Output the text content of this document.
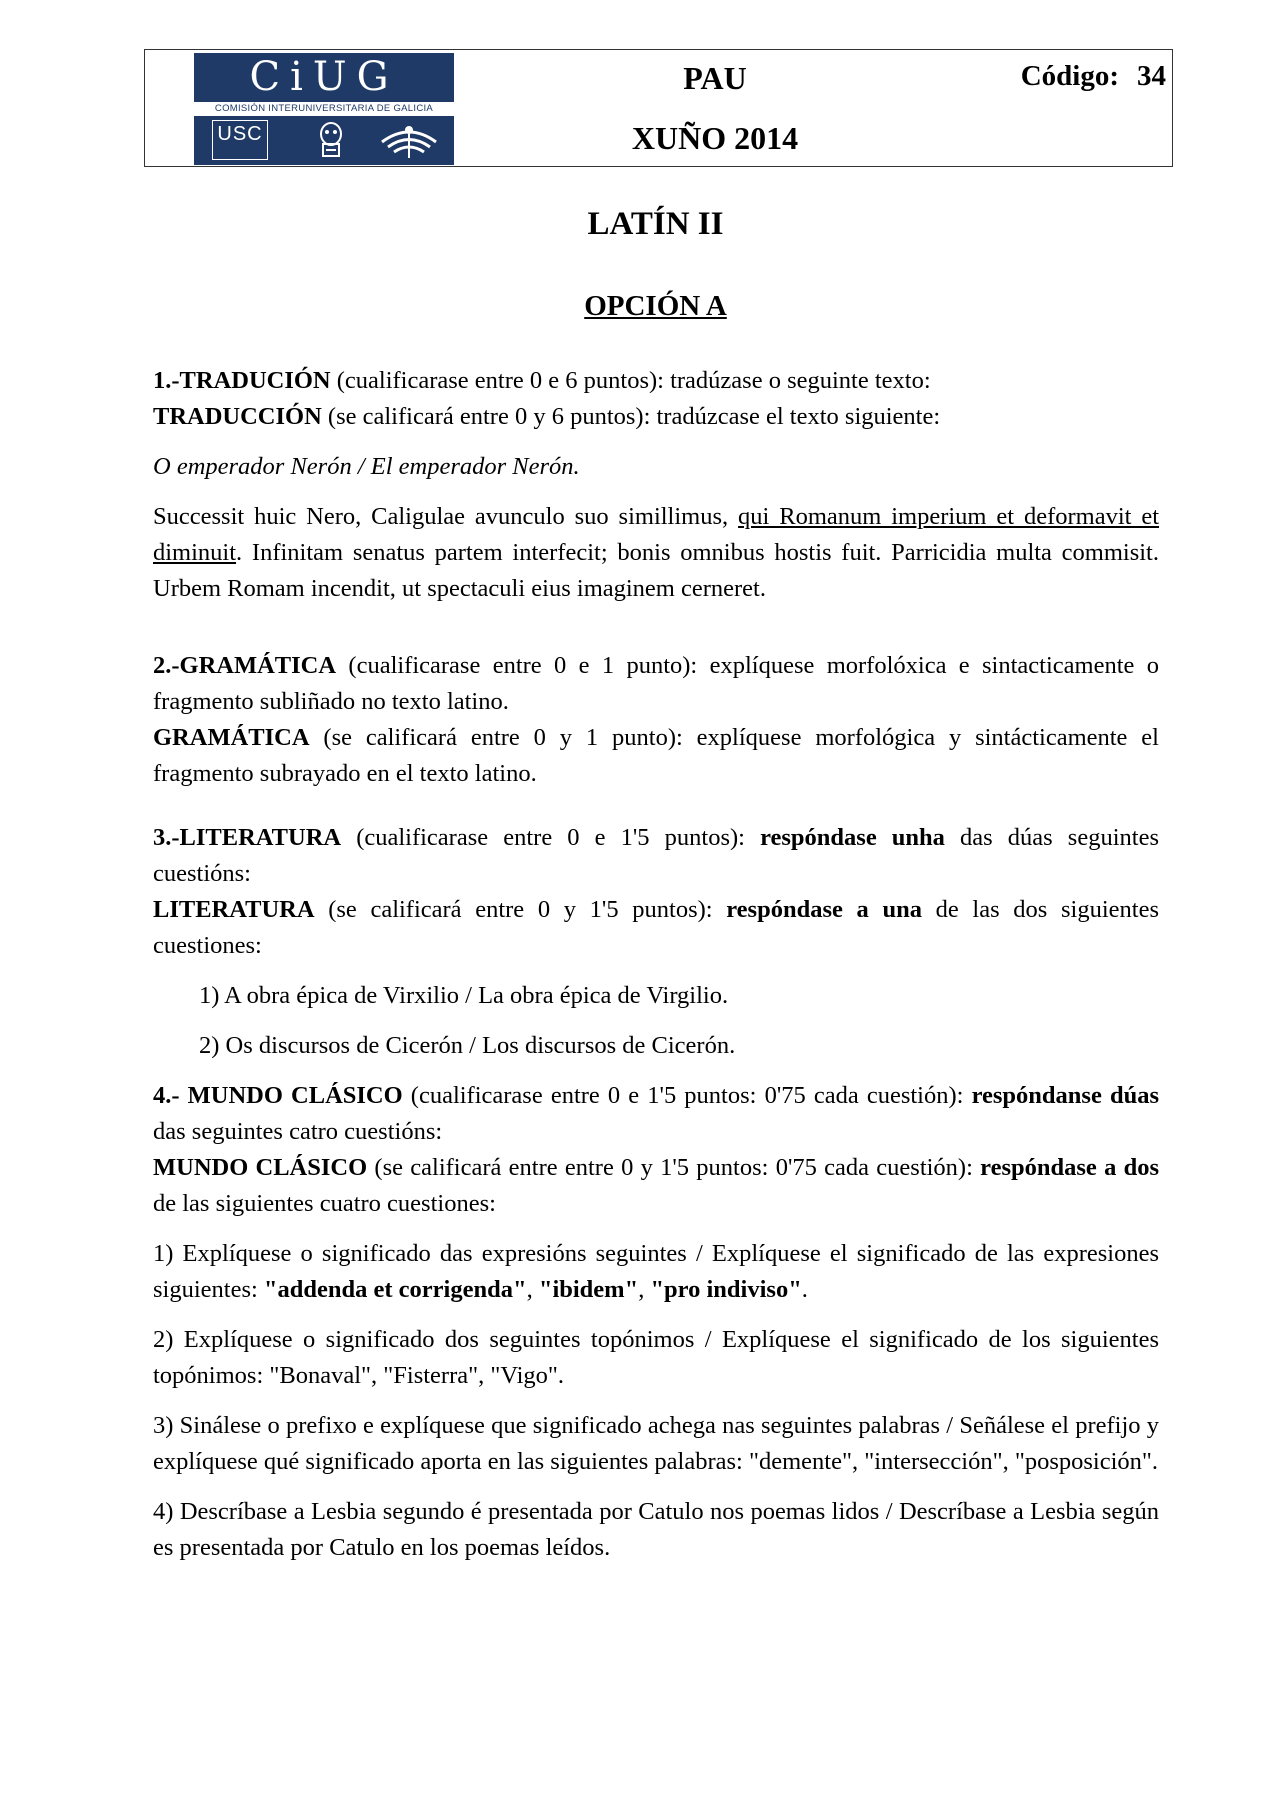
CiUG
COMISIÓN INTERUNIVERSITARIA DE GALICIA
USC
PAU
XUÑO 2014
Código: 34
LATÍN II
OPCIÓN A

1.-TRADUCIÓN (cualificarase entre 0 e 6 puntos): tradúzase o seguinte texto:

TRADUCCIÓN (se calificará entre 0 y 6 puntos): tradúzcase el texto siguiente:

O emperador Nerón / El emperador Nerón.

Successit huic Nero, Caligulae avunculo suo simillimus, qui Romanum imperium et deformavit et diminuit. Infinitam senatus partem interfecit; bonis omnibus hostis fuit. Parricidia multa commisit. Urbem Romam incendit, ut spectaculi eius imaginem cerneret.

2.-GRAMÁTICA (cualificarase entre 0 e 1 punto): explíquese morfolóxica e sintacticamente o fragmento subliñado no texto latino.

GRAMÁTICA (se calificará entre 0 y 1 punto): explíquese morfológica y sintácticamente el fragmento subrayado en el texto latino.

3.-LITERATURA (cualificarase entre 0 e 1'5 puntos): respóndase unha das dúas seguintes cuestións:

LITERATURA (se calificará entre 0 y 1'5 puntos): respóndase a una de las dos siguientes cuestiones:

1) A obra épica de Virxilio / La obra épica de Virgilio.

2) Os discursos de Cicerón / Los discursos de Cicerón.

4.- MUNDO CLÁSICO (cualificarase entre 0 e 1'5 puntos: 0'75 cada cuestión): respóndanse dúas das seguintes catro cuestións:

MUNDO CLÁSICO (se calificará entre entre 0 y 1'5 puntos: 0'75 cada cuestión): respóndase a dos de las siguientes cuatro cuestiones:

1) Explíquese o significado das expresións seguintes / Explíquese el significado de las expresiones siguientes: "addenda et corrigenda", "ibidem", "pro indiviso".

2) Explíquese o significado dos seguintes topónimos / Explíquese el significado de los siguientes topónimos: "Bonaval", "Fisterra", "Vigo".

3) Sinálese o prefixo e explíquese que significado achega nas seguintes palabras / Señálese el prefijo y explíquese qué significado aporta en las siguientes palabras: "demente", "intersección", "posposición".

4) Descríbase a Lesbia segundo é presentada por Catulo nos poemas lidos / Descríbase a Lesbia según es presentada por Catulo en los poemas leídos.
